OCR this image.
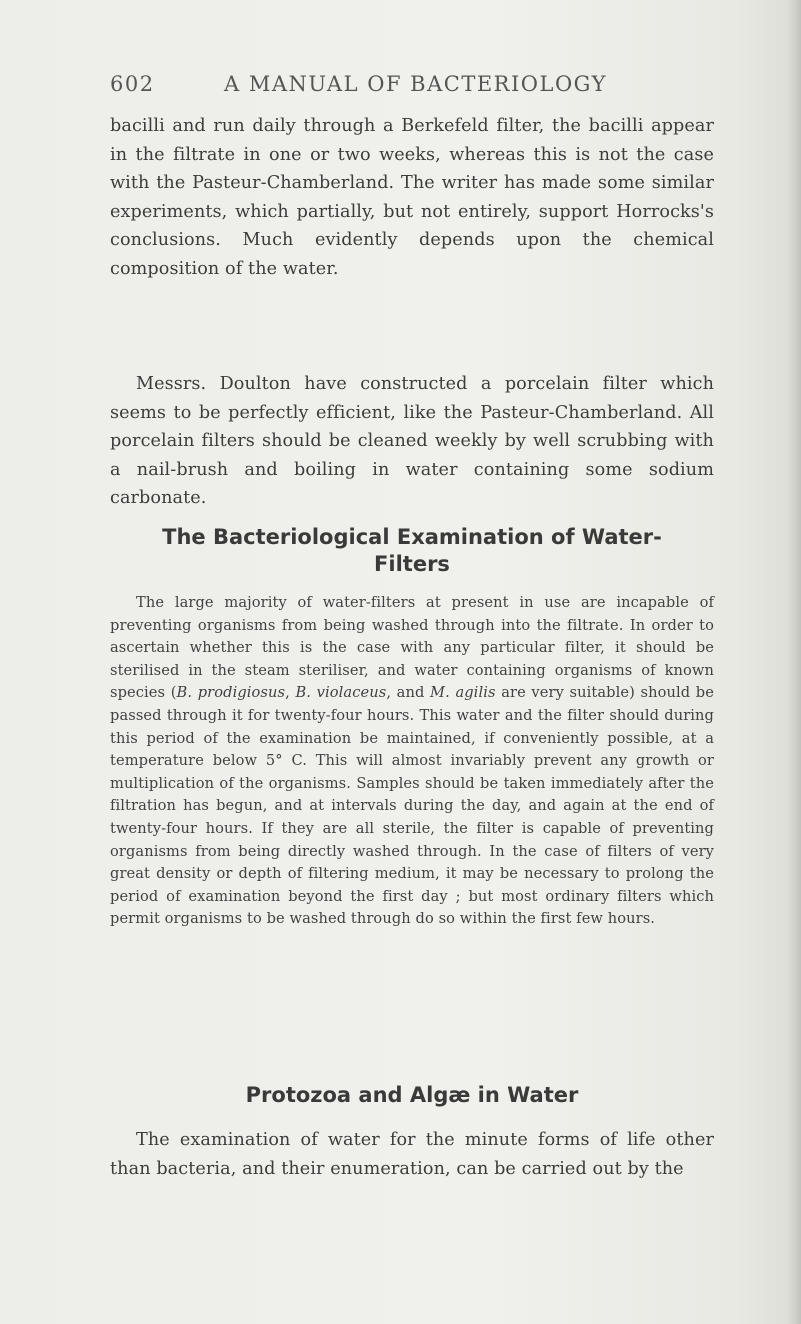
602	A MANUAL OF BACTERIOLOGY

bacilli and run daily through a Berkefeld filter, the bacilli appear in the filtrate in one or two weeks, whereas this is not the case with the Pasteur-Chamberland. The writer has made some similar experiments, which partially, but not entirely, support Horrocks's conclusions. Much evidently depends upon the chemical composition of the water.

Messrs. Doulton have constructed a porcelain filter which seems to be perfectly efficient, like the Pasteur-Chamberland. All porcelain filters should be cleaned weekly by well scrubbing with a nail-brush and boiling in water containing some sodium carbonate.

The Bacteriological Examination of Water-
Filters

The large majority of water-filters at present in use are incapable of preventing organisms from being washed through into the filtrate. In order to ascertain whether this is the case with any particular filter, it should be sterilised in the steam steriliser, and water containing organisms of known species (B. prodigiosus, B. violaceus, and M. agilis are very suitable) should be passed through it for twenty-four hours. This water and the filter should during this period of the examination be maintained, if conveniently possible, at a temperature below 5° C. This will almost invariably prevent any growth or multiplication of the organisms. Samples should be taken immediately after the filtration has begun, and at intervals during the day, and again at the end of twenty-four hours. If they are all sterile, the filter is capable of preventing organisms from being directly washed through. In the case of filters of very great density or depth of filtering medium, it may be necessary to prolong the period of examination beyond the first day ; but most ordinary filters which permit organisms to be washed through do so within the first few hours.

Protozoa and Algæ in Water

The examination of water for the minute forms of life other than bacteria, and their enumeration, can be carried out by the
